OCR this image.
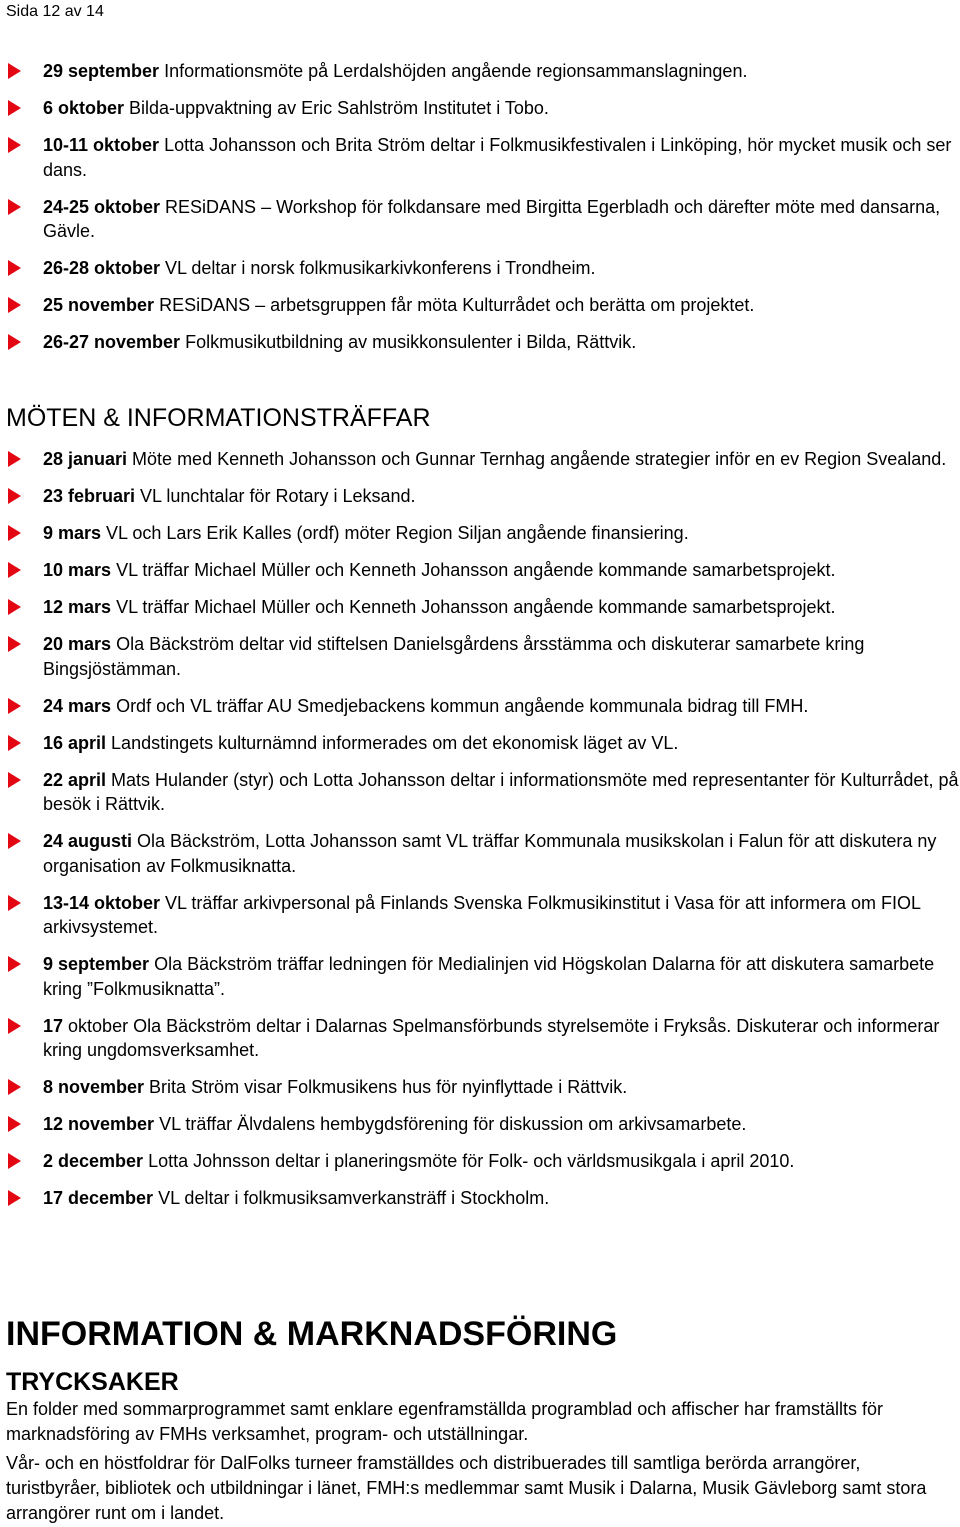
Sida 12 av 14
29 september Informationsmöte på Lerdalshöjden angående regionsammanslagningen.
6 oktober Bilda-uppvaktning av Eric Sahlström Institutet i Tobo.
10-11 oktober Lotta Johansson och Brita Ström deltar i Folkmusikfestivalen i Linköping, hör mycket musik och ser dans.
24-25 oktober RESiDANS – Workshop för folkdansare med Birgitta Egerbladh och därefter möte med dansarna, Gävle.
26-28 oktober VL deltar i norsk folkmusikarkivkonferens i Trondheim.
25 november RESiDANS – arbetsgruppen får möta Kulturrådet och berätta om projektet.
26-27 november Folkmusikutbildning av musikkonsulenter i Bilda, Rättvik.
MÖTEN & INFORMATIONSTRÄFFAR
28 januari Möte med Kenneth Johansson och Gunnar Ternhag angående strategier inför en ev Region Svealand.
23 februari VL lunchtalar för Rotary i Leksand.
9 mars VL och Lars Erik Kalles (ordf) möter Region Siljan angående finansiering.
10 mars VL träffar Michael Müller och Kenneth Johansson angående kommande samarbetsprojekt.
12 mars VL träffar Michael Müller och Kenneth Johansson angående kommande samarbetsprojekt.
20 mars Ola Bäckström deltar vid stiftelsen Danielsgårdens årsstämma och diskuterar samarbete kring Bingsjöstämman.
24 mars Ordf och VL träffar AU Smedjebackens kommun angående kommunala bidrag till FMH.
16 april Landstingets kulturnämnd informerades om det ekonomisk läget av VL.
22 april Mats Hulander (styr) och Lotta Johansson deltar i informationsmöte med representanter för Kulturrådet, på besök i Rättvik.
24 augusti Ola Bäckström, Lotta Johansson samt VL träffar Kommunala musikskolan i Falun för att diskutera ny organisation av Folkmusiknatta.
13-14 oktober VL träffar arkivpersonal på Finlands Svenska Folkmusikinstitut i Vasa för att informera om FIOL arkivsystemet.
9 september Ola Bäckström träffar ledningen för Medialinjen vid Högskolan Dalarna för att diskutera samarbete kring ”Folkmusiknatta”.
17 oktober Ola Bäckström deltar i Dalarnas Spelmansförbunds styrelsemöte i Fryksås. Diskuterar och informerar kring ungdomsverksamhet.
8 november Brita Ström visar Folkmusikens hus för nyinflyttade i Rättvik.
12 november VL träffar Älvdalens hembygdsförening för diskussion om arkivsamarbete.
2 december Lotta Johnsson deltar i planeringsmöte för Folk- och världsmusikgala i april 2010.
17 december VL deltar i folkmusiksamverkansträff i Stockholm.
INFORMATION & MARKNADSFÖRING
TRYCKSAKER

En folder med sommarprogrammet samt enklare egenframställda programblad och affischer har framställts för marknadsföring av FMHs verksamhet, program- och utställningar.

Vår- och en höstfoldrar för DalFolks turneer framställdes och distribuerades till samtliga berörda arrangörer, turistbyråer, bibliotek och utbildningar i länet, FMH:s medlemmar samt Musik i Dalarna, Musik Gävleborg samt stora arrangörer runt om i landet.
